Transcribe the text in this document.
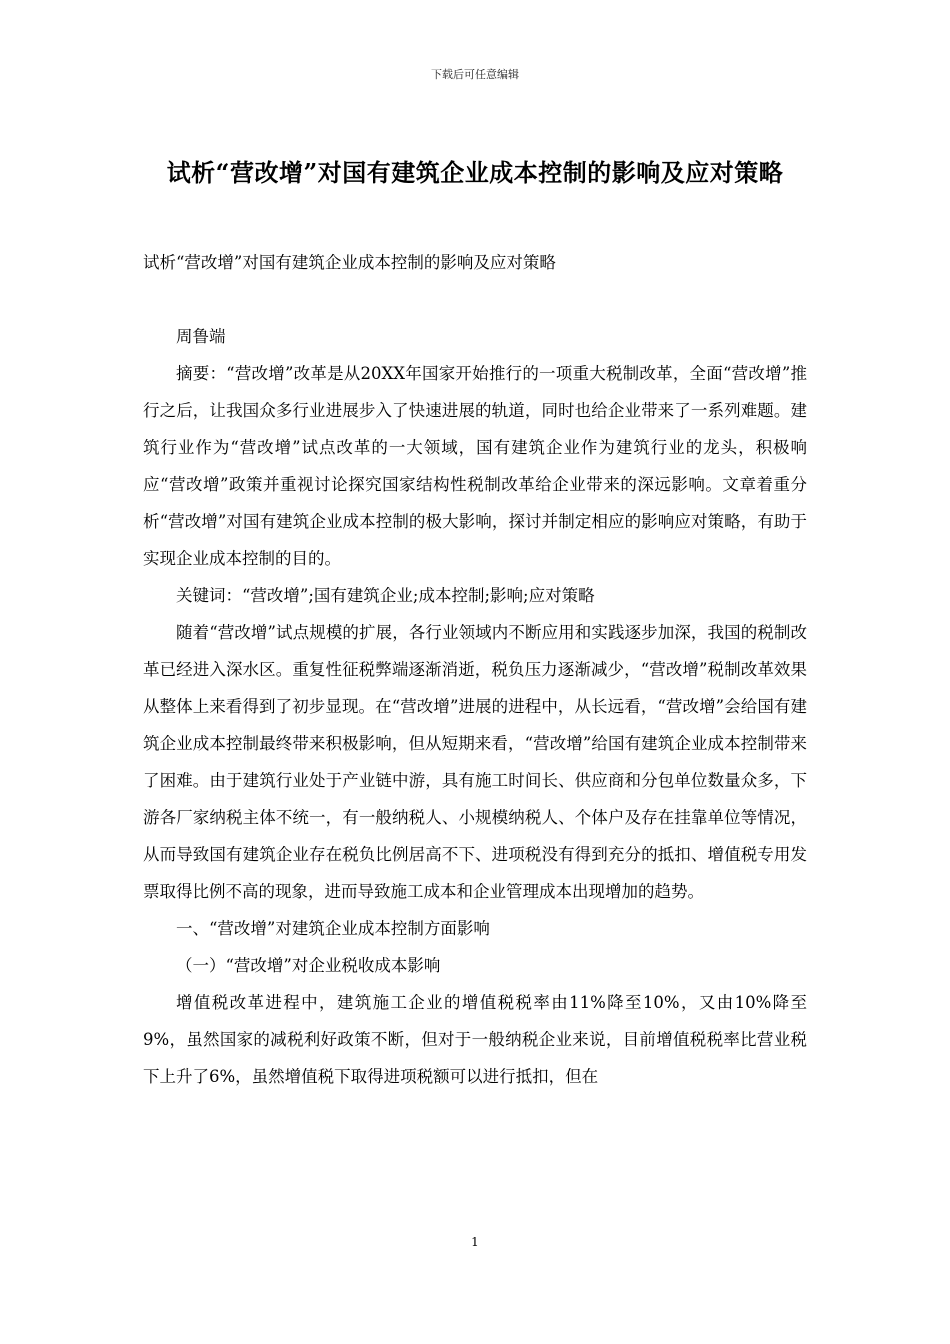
下载后可任意编辑
试析“营改增”对国有建筑企业成本控制的影响及应对策略

试析“营改增”对国有建筑企业成本控制的影响及应对策略

周鲁端

摘要：“营改增”改革是从20XX年国家开始推行的一项重大税制改革，全面“营改增”推行之后，让我国众多行业进展步入了快速进展的轨道，同时也给企业带来了一系列难题。建筑行业作为“营改增”试点改革的一大领域，国有建筑企业作为建筑行业的龙头，积极响应“营改增”政策并重视讨论探究国家结构性税制改革给企业带来的深远影响。文章着重分析“营改增”对国有建筑企业成本控制的极大影响，探讨并制定相应的影响应对策略，有助于实现企业成本控制的目的。

关键词：“营改增”;国有建筑企业;成本控制;影响;应对策略

随着“营改增”试点规模的扩展，各行业领域内不断应用和实践逐步加深，我国的税制改革已经进入深水区。重复性征税弊端逐渐消逝，税负压力逐渐减少，“营改增”税制改革效果从整体上来看得到了初步显现。在“营改增”进展的进程中，从长远看，“营改增”会给国有建筑企业成本控制最终带来积极影响，但从短期来看，“营改增”给国有建筑企业成本控制带来了困难。由于建筑行业处于产业链中游，具有施工时间长、供应商和分包单位数量众多，下游各厂家纳税主体不统一，有一般纳税人、小规模纳税人、个体户及存在挂靠单位等情况，从而导致国有建筑企业存在税负比例居高不下、进项税没有得到充分的抵扣、增值税专用发票取得比例不高的现象，进而导致施工成本和企业管理成本出现增加的趋势。

一、“营改增”对建筑企业成本控制方面影响

（一）“营改增”对企业税收成本影响

增值税改革进程中，建筑施工企业的增值税税率由11%降至10%，又由10%降至9%，虽然国家的减税利好政策不断，但对于一般纳税企业来说，目前增值税税率比营业税下上升了6%，虽然增值税下取得进项税额可以进行抵扣，但在

1
